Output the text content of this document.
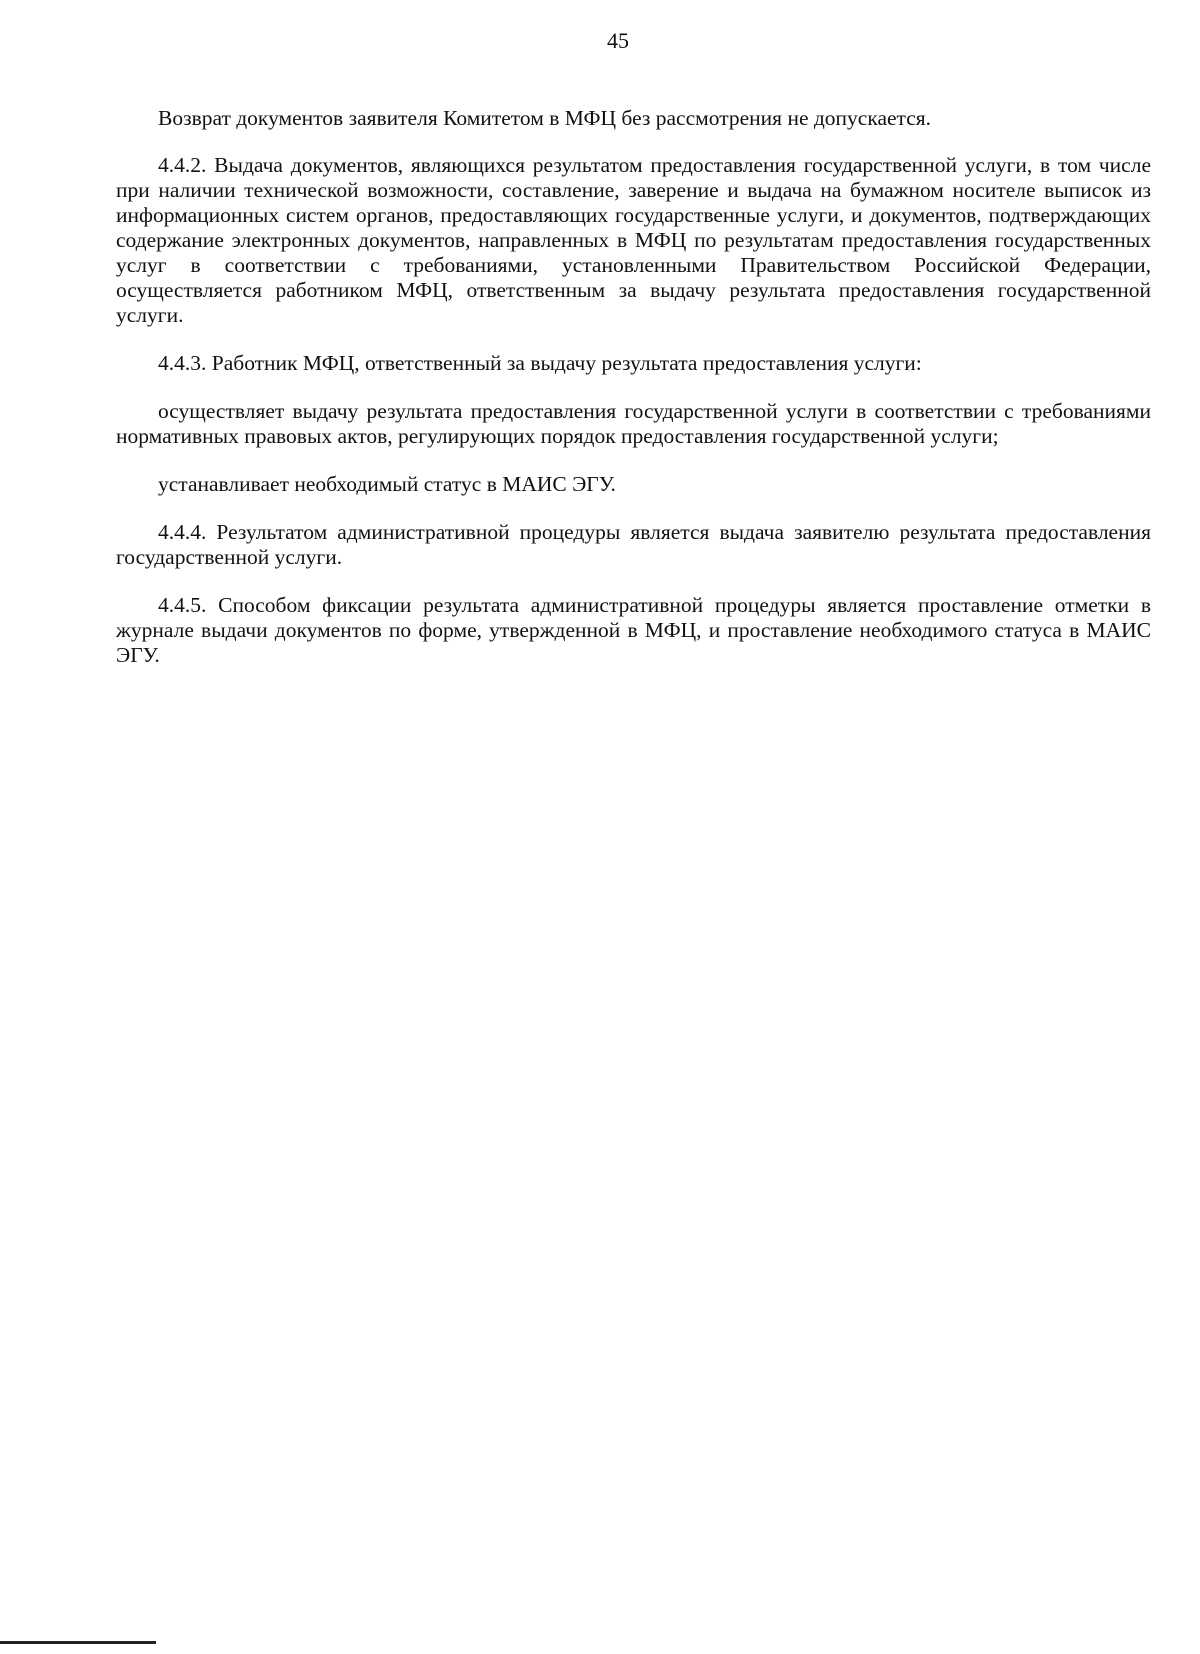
45

Возврат документов заявителя Комитетом в МФЦ без рассмотрения не допускается.

4.4.2. Выдача документов, являющихся результатом предоставления государственной услуги, в том числе при наличии технической возможности, составление, заверение и выдача на бумажном носителе выписок из информационных систем органов, предоставляющих государственные услуги, и документов, подтверждающих содержание электронных документов, направленных в МФЦ по результатам предоставления государственных услуг в соответствии с требованиями, установленными Правительством Российской Федерации, осуществляется работником МФЦ, ответственным за выдачу результата предоставления государственной услуги.

4.4.3. Работник МФЦ, ответственный за выдачу результата предоставления услуги:

осуществляет выдачу результата предоставления государственной услуги в соответствии с требованиями нормативных правовых актов, регулирующих порядок предоставления государственной услуги;

устанавливает необходимый статус в МАИС ЭГУ.

4.4.4. Результатом административной процедуры является выдача заявителю результата предоставления государственной услуги.

4.4.5. Способом фиксации результата административной процедуры является проставление отметки в журнале выдачи документов по форме, утвержденной в МФЦ, и проставление необходимого статуса в МАИС ЭГУ.
